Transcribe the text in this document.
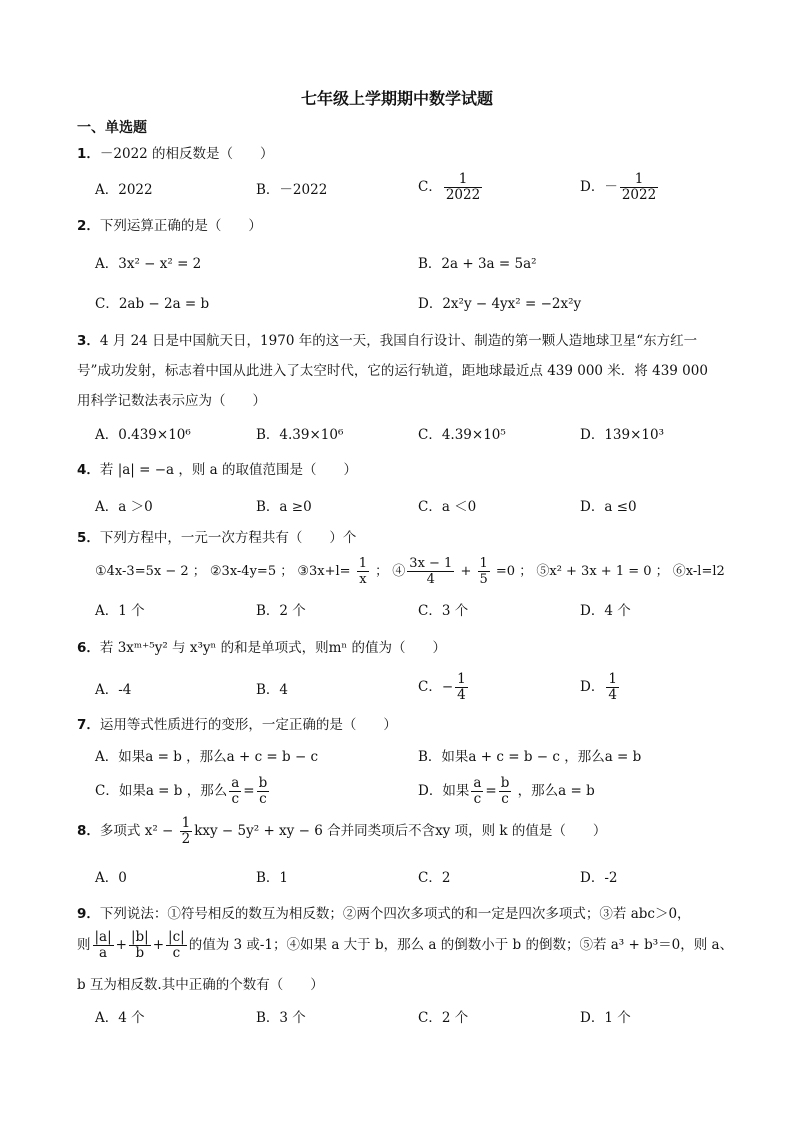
七年级上学期期中数学试题
一、单选题
1．－2022 的相反数是（　　）
A．2022	B．－2022	C． $\frac{1}{2022}$	D．－ $\frac{1}{2022}$
2．下列运算正确的是（　　）
A．3x² − x² = 2	B．2a + 3a = 5a²
C．2ab − 2a = b	D．2x²y − 4yx² = −2x²y
3．4 月 24 日是中国航天日，1970 年的这一天，我国自行设计、制造的第一颗人造地球卫星“东方红一
号”成功发射，标志着中国从此进入了太空时代，它的运行轨道，距地球最近点 439 000 米．将 439 000
用科学记数法表示应为（　　）
A．0.439×10⁶	B．4.39×10⁶	C．4.39×10⁵	D．139×10³
4．若 |a| = −a ，则 a 的取值范围是（　　）
A．a ＞0	B．a ≥0	C．a ＜0	D．a ≤0
5．下列方程中，一元一次方程共有（　　）个
①4x-3=5x − 2 ； ②3x-4y=5 ； ③3x+l= $\frac{1}{x}$ ； ④ $\frac{3x - 1}{4} + \frac{1}{5} =0$ ； ⑤x² + 3x + 1 = 0 ； ⑥x-l=l2
A．1 个	B．2 个	C．3 个	D．4 个
6．若 3xᵐ⁺⁵y² 与 x³yⁿ 的和是单项式，则mⁿ 的值为（　　）
A．-4	B．4	C．− $\frac{1}{4}$	D． $\frac{1}{4}$
7．运用等式性质进行的变形，一定正确的是（　　）
A．如果a = b ，那么a + c = b − c	B．如果a + c = b − c ，那么a = b
C．如果a = b ，那么 $\frac{a}{c} = \frac{b}{c}$	D．如果 $\frac{a}{c} = \frac{b}{c}$ ，那么a = b
8．多项式 $x^2 - \frac{1}{2}$ kxy − 5y² + xy − 6 合并同类项后不含xy 项，则 k 的值是（　　）
A．0	B．1	C．2	D．-2
9．下列说法：①符号相反的数互为相反数；②两个四次多项式的和一定是四次多项式；③若 abc＞0，
则 $\frac{|a|}{a} + \frac{|b|}{b} + \frac{|c|}{c}$ 的值为 3 或-1；④如果 a 大于 b，那么 a 的倒数小于 b 的倒数；⑤若 a³ + b³＝0，则 a、
b 互为相反数.其中正确的个数有（　　）
A．4 个	B．3 个	C．2 个	D．1 个
